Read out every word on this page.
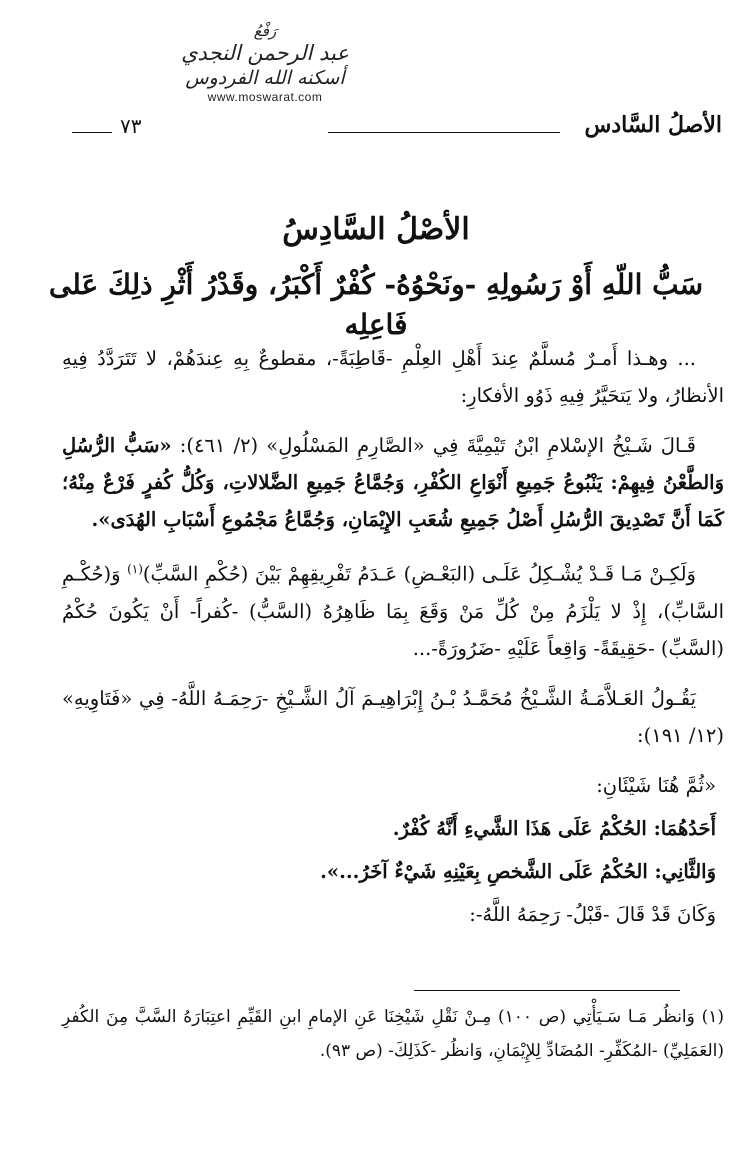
رَفْعُ
عبد الرحمن النجدي
أسكنه الله الفردوس
www.moswarat.com
الأصلُ السَّادس
٧٣
الأصْلُ السَّادِسُ
سَبُّ اللّهِ أَوْ رَسُولِهِ -ونَحْوُهُ- كُفْرٌ أَكْبَرُ، وقَدْرُ أَثْرِ ذلِكَ عَلى فَاعِلِه

... وهـذا أَمـرٌ مُسلَّمٌ عِندَ أَهْلِ العِلْمِ -قَاطِبَةً-، مقطوعٌ بِهِ عِندَهُمْ، لا تَتَرَدَّدُ فِيهِ الأنظارُ، ولا يَتحَيَّرُ فِيهِ ذَوُو الأفكارِ:

قَـالَ شَـيْخُ الإسْلامِ ابْنُ تَيْمِيَّةَ فِي «الصَّارِمِ المَسْلُولِ» (٢/ ٤٦١): «سَبُّ الرُّسُلِ وَالطَّعْنُ فِيهِمْ: يَنْبُوعُ جَمِيعِ أَنْوَاعِ الكُفْرِ، وَجُمَّاعُ جَمِيعِ الضَّلالاتِ، وَكُلُّ كُفرٍ فَرْعٌ مِنْهُ؛ كَمَا أَنَّ تَصْدِيقَ الرُّسُلِ أَصْلُ جَمِيعِ شُعَبِ الإِيْمَانِ، وَجُمَّاعُ مَجْمُوعِ أَسْبَابِ الهُدَى».

وَلَكِـنْ مَـا قَـدْ يُشْـكِلُ عَلَـى (البَعْـضِ) عَـدَمُ تَفْرِيقِهِمْ بَيْنَ (حُكْمِ السَّبِّ)$^{(١)}$ وَ(حُكْـمِ السَّابِّ)، إِذْ لا يَلْزَمُ مِنْ كُلِّ مَنْ وَقَعَ بِمَا ظَاهِرُهُ (السَّبُّ) -كُفراً- أَنْ يَكُونَ حُكْمُ (السَّبِّ) -حَقِيقَةً- وَاقِعاً عَلَيْهِ -ضَرُورَةً-...

يَقُـولُ العَـلاَّمَـةُ الشَّـيْخُ مُحَمَّـدُ بْـنُ إِبْرَاهِيـمَ آلُ الشَّـيْخِ -رَحِمَـهُ اللَّهُ- فِي «فَتَاوِيهِ» (١٢/ ١٩١):

«ثُمَّ هُنَا شَيْئَانِ:

أَحَدُهُمَا: الحُكْمُ عَلَى هَذَا الشَّيءِ أَنَّهُ كُفْرٌ.

وَالثَّانِي: الحُكْمُ عَلَى الشَّخصِ بِعَيْنِهِ شَيْءٌ آخَرُ...».

وَكَانَ قَدْ قَالَ -قَبْلُ- رَحِمَهُ اللَّهُ-:

(١) وَانظُر مَـا سَـيَأْتِي (ص ١٠٠) مِـنْ نَقْلِ شَيْخِنَا عَنِ الإمامِ ابنِ القَيِّمِ اعتِبَارَهُ السَّبَّ مِنَ الكُفرِ (العَمَلِيِّ) -المُكَفِّرِ- المُضَادِّ لِلإِيْمَانِ، وَانظُر -كَذَلِكَ- (ص ٩٣).
